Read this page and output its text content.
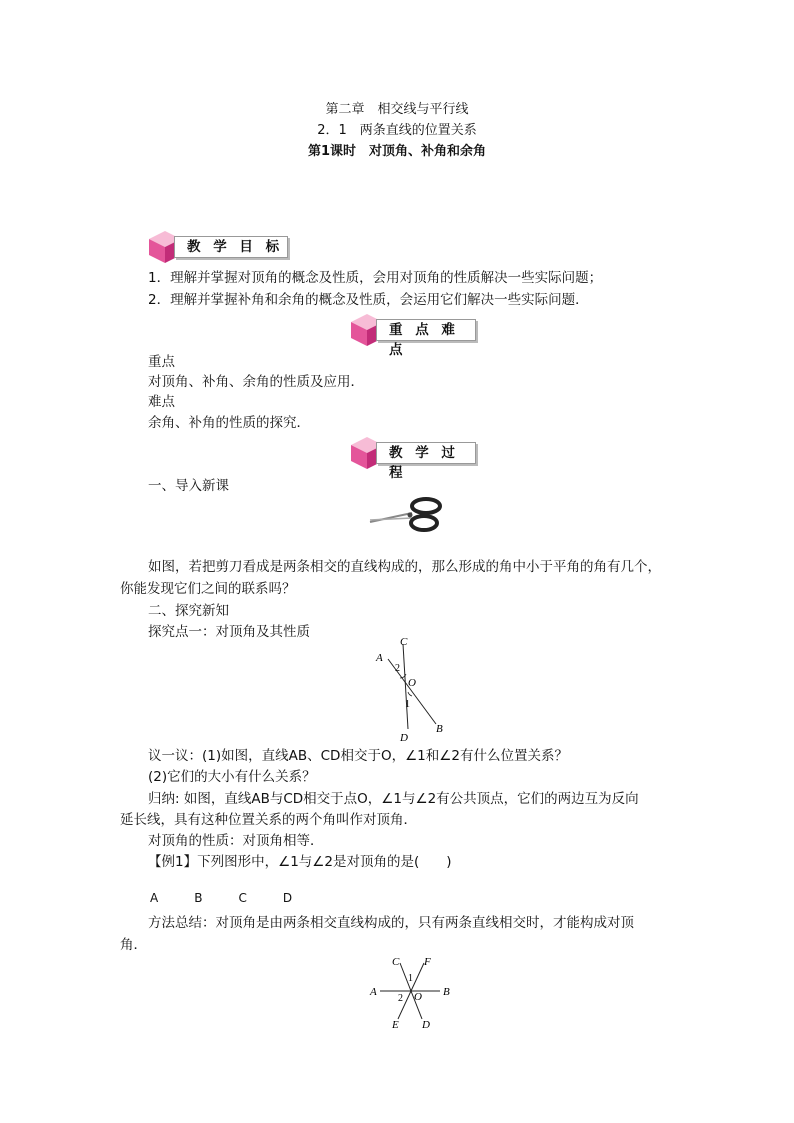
第二章　相交线与平行线
2．1　两条直线的位置关系
第1课时　对顶角、补角和余角
教 学 目 标
1．理解并掌握对顶角的概念及性质，会用对顶角的性质解决一些实际问题；
2．理解并掌握补角和余角的概念及性质，会运用它们解决一些实际问题．
重 点 难 点
重点
对顶角、补角、余角的性质及应用．
难点
余角、补角的性质的探究．
教 学 过 程
一、导入新课
如图，若把剪刀看成是两条相交的直线构成的，那么形成的角中小于平角的角有几个，
你能发现它们之间的联系吗？
二、探究新知
探究点一：对顶角及其性质
C
A
2
O
1
B
D
议一议：(1)如图，直线AB、CD相交于O，∠1和∠2有什么位置关系？
(2)它们的大小有什么关系？
归纳: 如图，直线AB与CD相交于点O，∠1与∠2有公共顶点，它们的两边互为反向
延长线，具有这种位置关系的两个角叫作对顶角．
对顶角的性质：对顶角相等．
【例1】下列图形中，∠1与∠2是对顶角的是(　　)
A　　　B　　　C　　　D
方法总结：对顶角是由两条相交直线构成的，只有两条直线相交时，才能构成对顶
角．
C F
1
A
2 O B
E D
